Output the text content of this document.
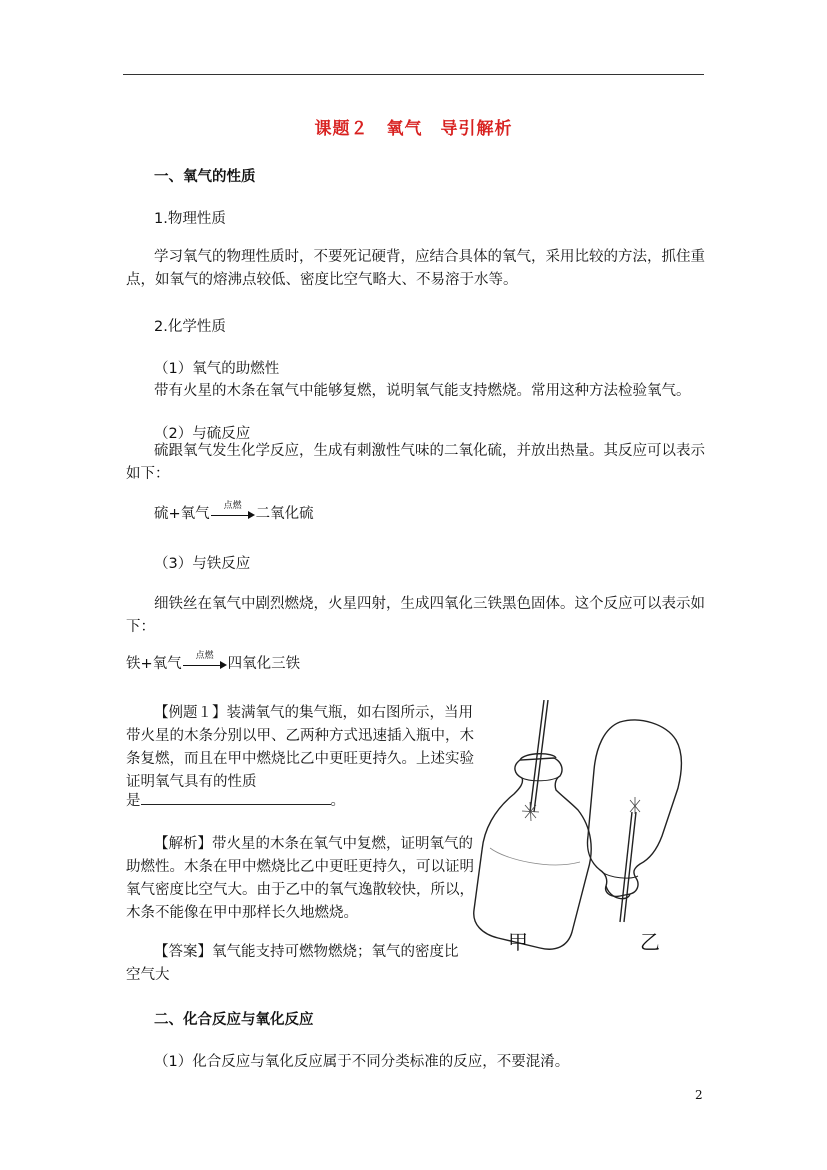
课题２　氧气　导引解析
一、氧气的性质
1.物理性质
学习氧气的物理性质时，不要死记硬背，应结合具体的氧气，采用比较的方法，抓住重
点，如氧气的熔沸点较低、密度比空气略大、不易溶于水等。
2.化学性质
（1）氧气的助燃性
带有火星的木条在氧气中能够复燃，说明氧气能支持燃烧。常用这种方法检验氧气。
（2）与硫反应
硫跟氧气发生化学反应，生成有刺激性气味的二氧化硫，并放出热量。其反应可以表示
如下：
硫+氧气	点燃 二氧化硫
（3）与铁反应
细铁丝在氧气中剧烈燃烧，火星四射，生成四氧化三铁黑色固体。这个反应可以表示如
下：
铁+氧气	点燃 四氧化三铁
【例题１】装满氧气的集气瓶，如右图所示，当用
带火星的木条分别以甲、乙两种方式迅速插入瓶中，木
条复燃，而且在甲中燃烧比乙中更旺更持久。上述实验
证明氧气具有的性质
是	。
【解析】带火星的木条在氧气中复燃，证明氧气的
助燃性。木条在甲中燃烧比乙中更旺更持久，可以证明
氧气密度比空气大。由于乙中的氧气逸散较快，所以，
木条不能像在甲中那样长久地燃烧。
【答案】氧气能支持可燃物燃烧；氧气的密度比
空气大
甲	乙
二、化合反应与氧化反应
（1）化合反应与氧化反应属于不同分类标准的反应，不要混淆。
2
